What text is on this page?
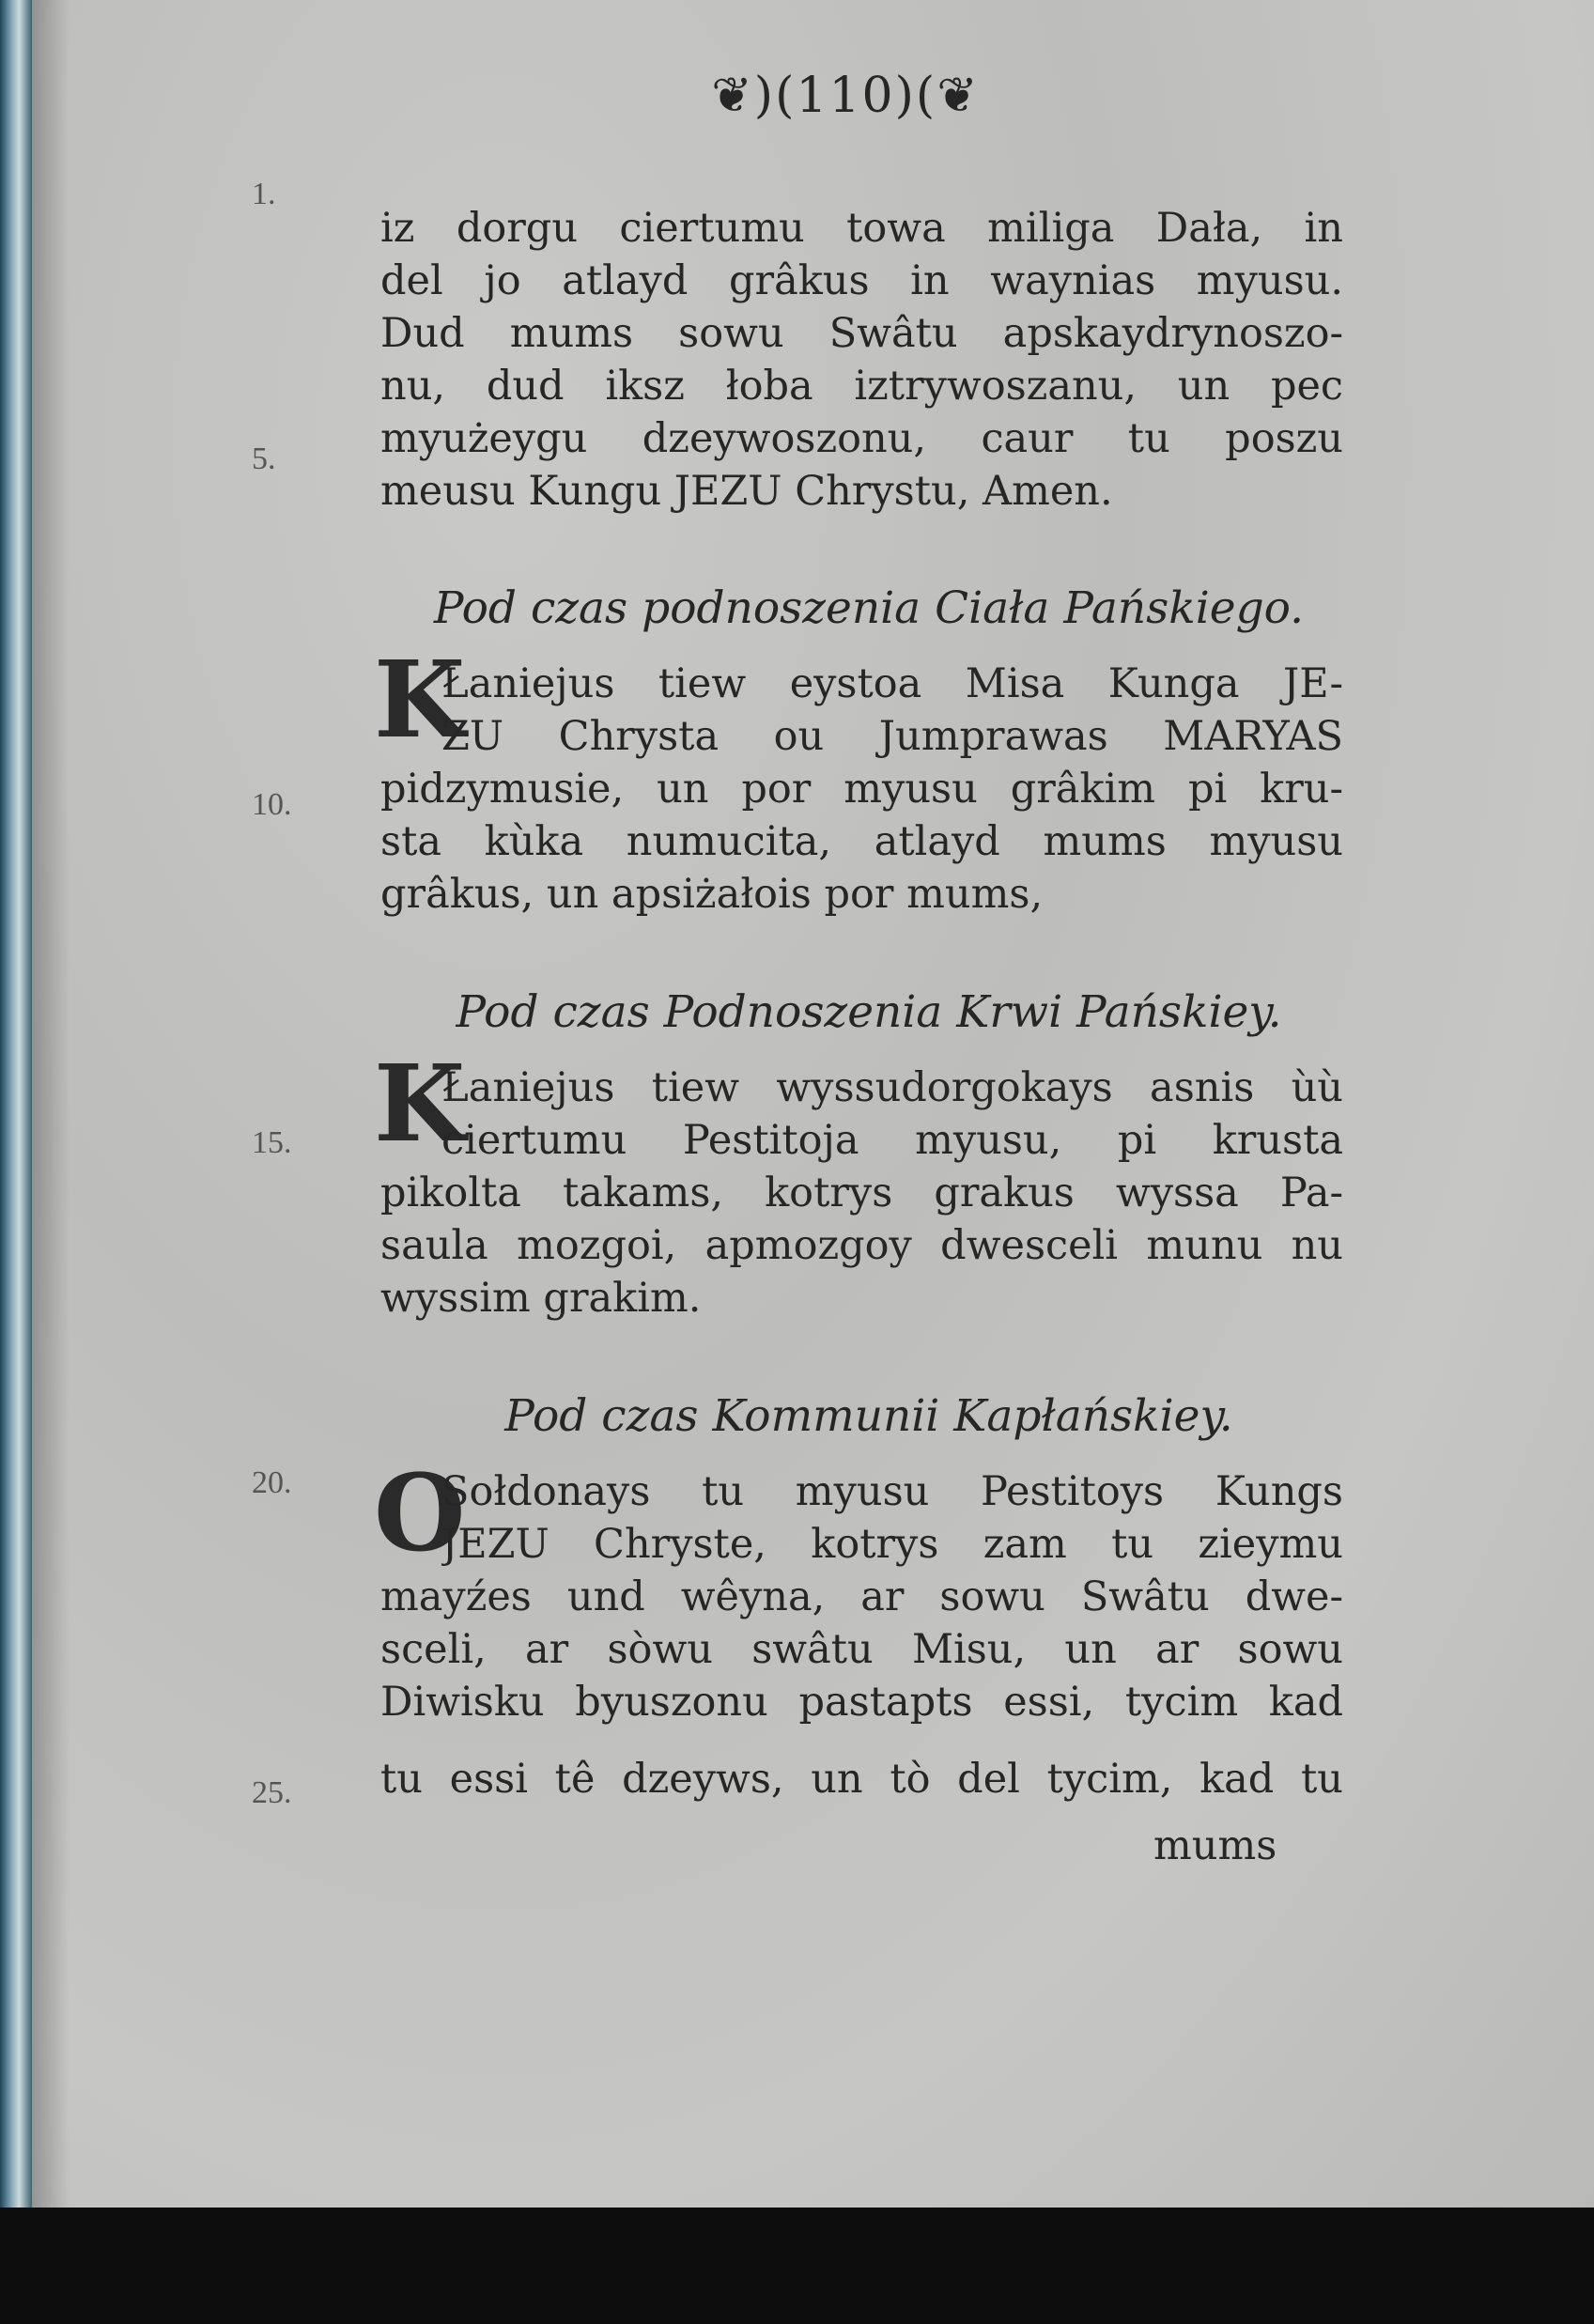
❦)(110)(❦
1.
5.
10.
15.
20.
25.
iz dorgu ciertumu towa miliga Dała, in
del jo atlayd grâkus in waynias myusu.
Dud mums sowu Swâtu apskaydrynoszo-
nu, dud iksz łoba iztrywoszanu, un pec
myużeygu dzeywoszonu, caur tu poszu
meusu Kungu JEZU Chrystu, Amen.
Pod czas podnoszenia Ciała Pańskiego.
K
Łaniejus tiew eystoa Misa Kunga JE-
ZU Chrysta ou Jumprawas MARYAS
pidzymusie, un por myusu grâkim pi kru-
sta kùka numucita, atlayd mums myusu
grâkus, un apsiżałois por mums,
Pod czas Podnoszenia Krwi Pańskiey.
K
Łaniejus tiew wyssudorgokays asnis ùù
ciertumu Pestitoja myusu, pi krusta
pikolta takams, kotrys grakus wyssa Pa-
saula mozgoi, apmozgoy dwesceli munu nu
wyssim grakim.
Pod czas Kommunii Kapłańskiey.
O
Sołdonays tu myusu Pestitoys Kungs
JEZU Chryste, kotrys zam tu zieymu
mayźes und wêyna, ar sowu Swâtu dwe-
sceli, ar sòwu swâtu Misu, un ar sowu
Diwisku byuszonu pastapts essi, tycim kad
tu essi tê dzeyws, un tò del tycim, kad tu
mums
